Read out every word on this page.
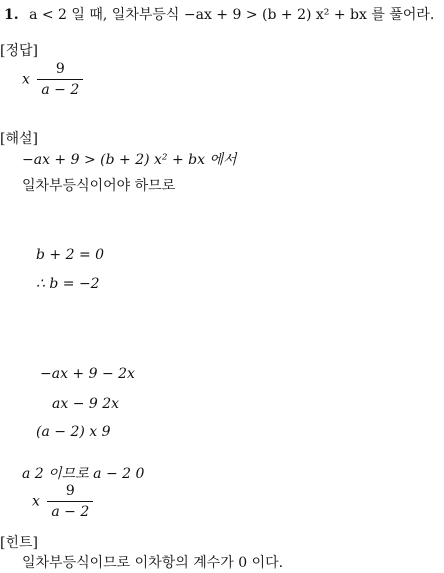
1. a < 2 일 때, 일차부등식 −ax + 9 > (b + 2) x² + bx 를 풀어라.
[정답]
x $\frac{9}{a - 2}$
[해설]
−ax + 9 > (b + 2) x² + bx 에서
일차부등식이어야 하므로
b + 2 = 0
∴ b = −2
−ax + 9 − 2x
ax − 9 2x
(a − 2) x 9
a 2 이므로 a − 2 0
x $\frac{9}{a - 2}$
[힌트]
일차부등식이므로 이차항의 계수가 0 이다.
